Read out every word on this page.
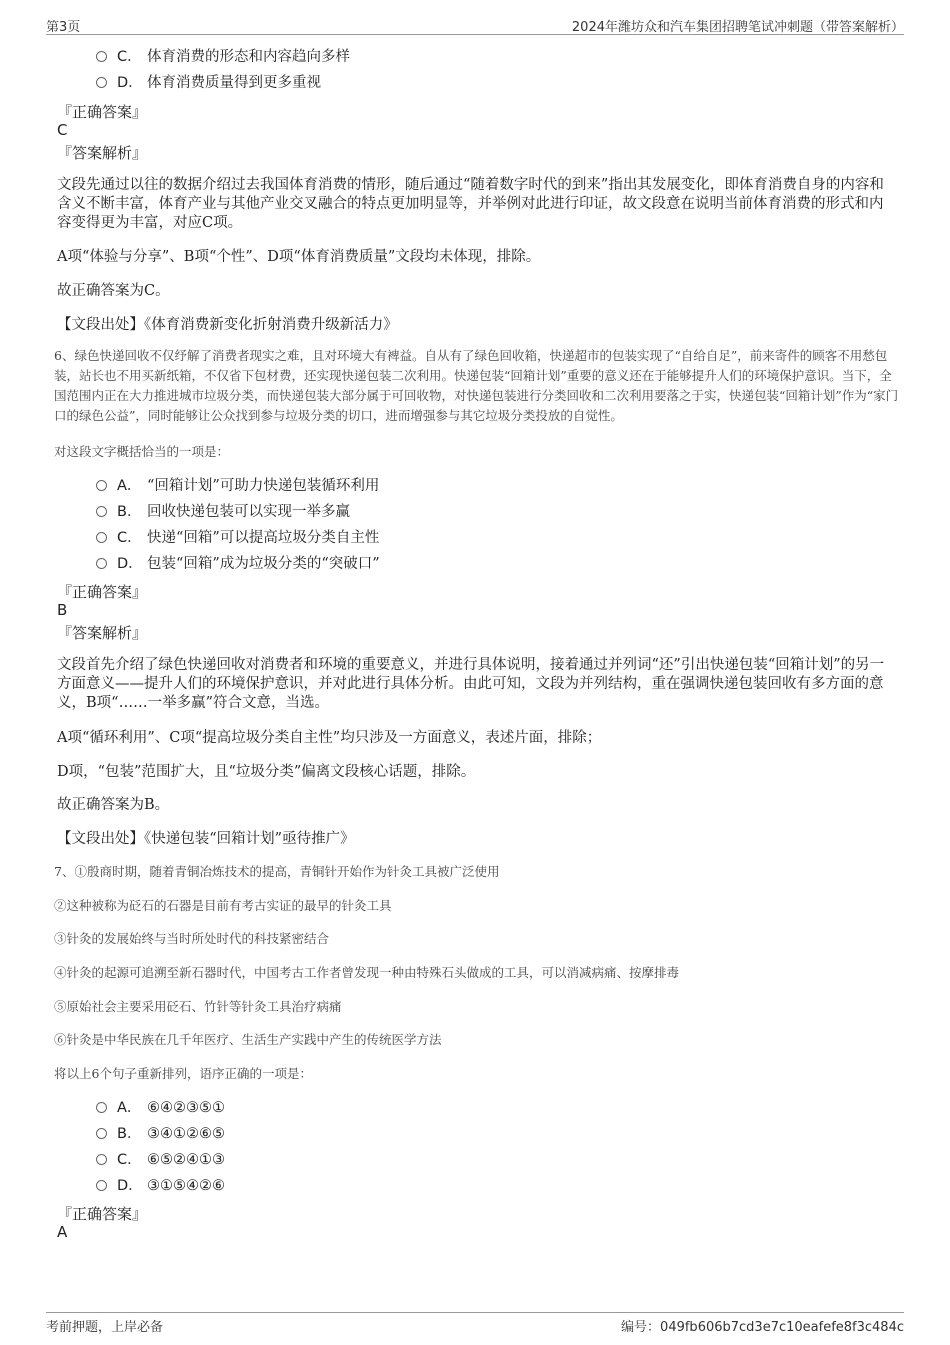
第3页	2024年潍坊众和汽车集团招聘笔试冲刺题（带答案解析）
C． 体育消费的形态和内容趋向多样
D． 体育消费质量得到更多重视
『正确答案』
C
『答案解析』
文段先通过以往的数据介绍过去我国体育消费的情形，随后通过“随着数字时代的到来”指出其发展变化，即体育消费自身的内容和含义不断丰富，体育产业与其他产业交叉融合的特点更加明显等，并举例对此进行印证，故文段意在说明当前体育消费的形式和内容变得更为丰富，对应C项。
A项“体验与分享”、B项“个性”、D项“体育消费质量”文段均未体现，排除。
故正确答案为C。
【文段出处】《体育消费新变化折射消费升级新活力》
6、绿色快递回收不仅纾解了消费者现实之难，且对环境大有裨益。自从有了绿色回收箱，快递超市的包装实现了“自给自足”，前来寄件的顾客不用愁包装，站长也不用买新纸箱，不仅省下包材费，还实现快递包装二次利用。快递包装“回箱计划”重要的意义还在于能够提升人们的环境保护意识。当下，全国范围内正在大力推进城市垃圾分类，而快递包装大部分属于可回收物，对快递包装进行分类回收和二次利用要落之于实，快递包装“回箱计划”作为“家门口的绿色公益”，同时能够让公众找到参与垃圾分类的切口，进而增强参与其它垃圾分类投放的自觉性。
对这段文字概括恰当的一项是：
A． “回箱计划”可助力快递包装循环利用
B． 回收快递包装可以实现一举多赢
C． 快递“回箱”可以提高垃圾分类自主性
D． 包装“回箱”成为垃圾分类的“突破口”
『正确答案』
B
『答案解析』
文段首先介绍了绿色快递回收对消费者和环境的重要意义，并进行具体说明，接着通过并列词“还”引出快递包装“回箱计划”的另一方面意义——提升人们的环境保护意识，并对此进行具体分析。由此可知，文段为并列结构，重在强调快递包装回收有多方面的意义，B项“……一举多赢”符合文意，当选。
A项“循环利用”、C项“提高垃圾分类自主性”均只涉及一方面意义，表述片面，排除；
D项，“包装”范围扩大，且“垃圾分类”偏离文段核心话题，排除。
故正确答案为B。
【文段出处】《快递包装“回箱计划”亟待推广》
7、①殷商时期，随着青铜冶炼技术的提高，青铜针开始作为针灸工具被广泛使用
②这种被称为砭石的石器是目前有考古实证的最早的针灸工具
③针灸的发展始终与当时所处时代的科技紧密结合
④针灸的起源可追溯至新石器时代，中国考古工作者曾发现一种由特殊石头做成的工具，可以消减病痛、按摩排毒
⑤原始社会主要采用砭石、竹针等针灸工具治疗病痛
⑥针灸是中华民族在几千年医疗、生活生产实践中产生的传统医学方法
将以上6个句子重新排列，语序正确的一项是：
A． ⑥④②③⑤①
B． ③④①②⑥⑤
C． ⑥⑤②④①③
D． ③①⑤④②⑥
『正确答案』
A
考前押题，上岸必备	编号：049fb606b7cd3e7c10eafefe8f3c484c
